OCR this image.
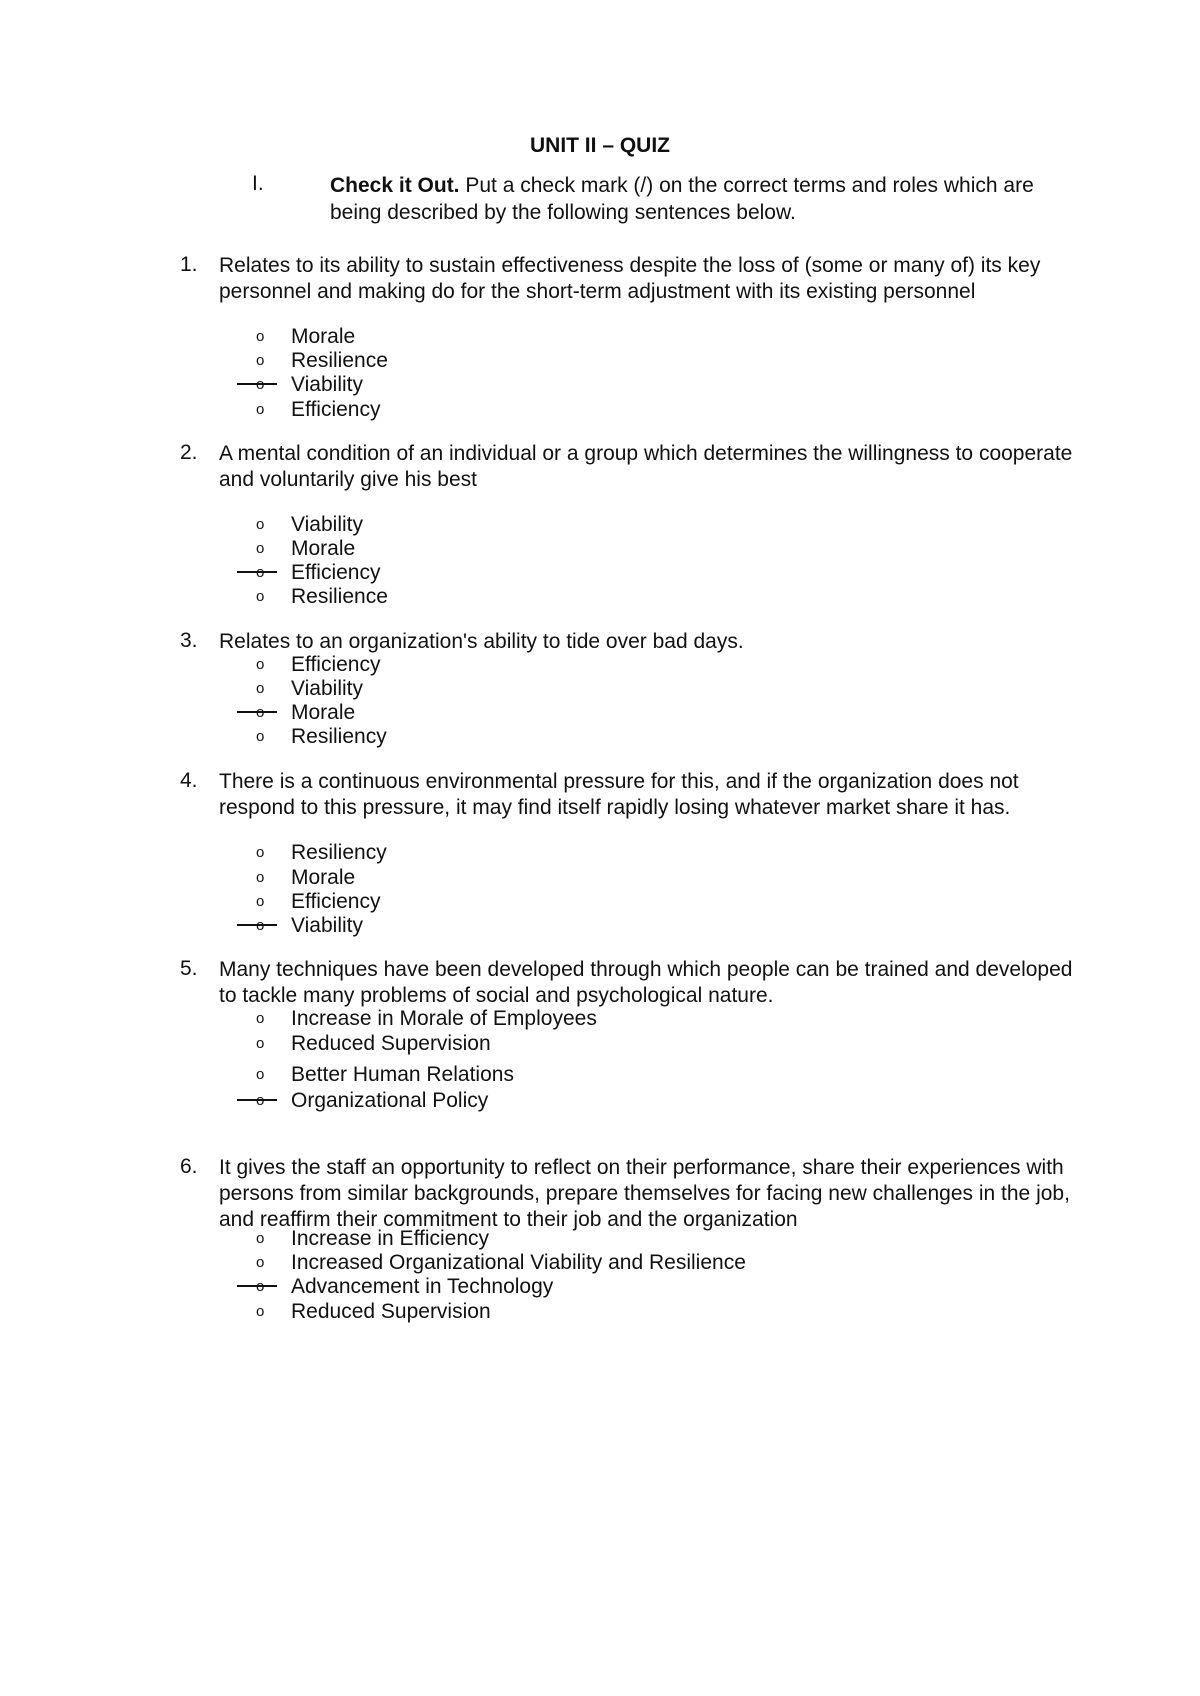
UNIT II – QUIZ
I.	Check it Out. Put a check mark (/) on the correct terms and roles which are being described by the following sentences below.
1. Relates to its ability to sustain effectiveness despite the loss of (some or many of) its key personnel and making do for the short-term adjustment with its existing personnel
o Morale
o Resilience
Viability
o Efficiency
2. A mental condition of an individual or a group which determines the willingness to cooperate and voluntarily give his best
o Viability
o Morale
Efficiency
o Resilience
3. Relates to an organization's ability to tide over bad days.
o Efficiency
o Viability
Morale
o Resiliency
4. There is a continuous environmental pressure for this, and if the organization does not respond to this pressure, it may find itself rapidly losing whatever market share it has.
o Resiliency
o Morale
o Efficiency
Viability
5. Many techniques have been developed through which people can be trained and developed to tackle many problems of social and psychological nature.
o Increase in Morale of Employees
o Reduced Supervision
o Better Human Relations
Organizational Policy
6. It gives the staff an opportunity to reflect on their performance, share their experiences with persons from similar backgrounds, prepare themselves for facing new challenges in the job, and reaffirm their commitment to their job and the organization
o Increase in Efficiency
o Increased Organizational Viability and Resilience
Advancement in Technology
o Reduced Supervision
